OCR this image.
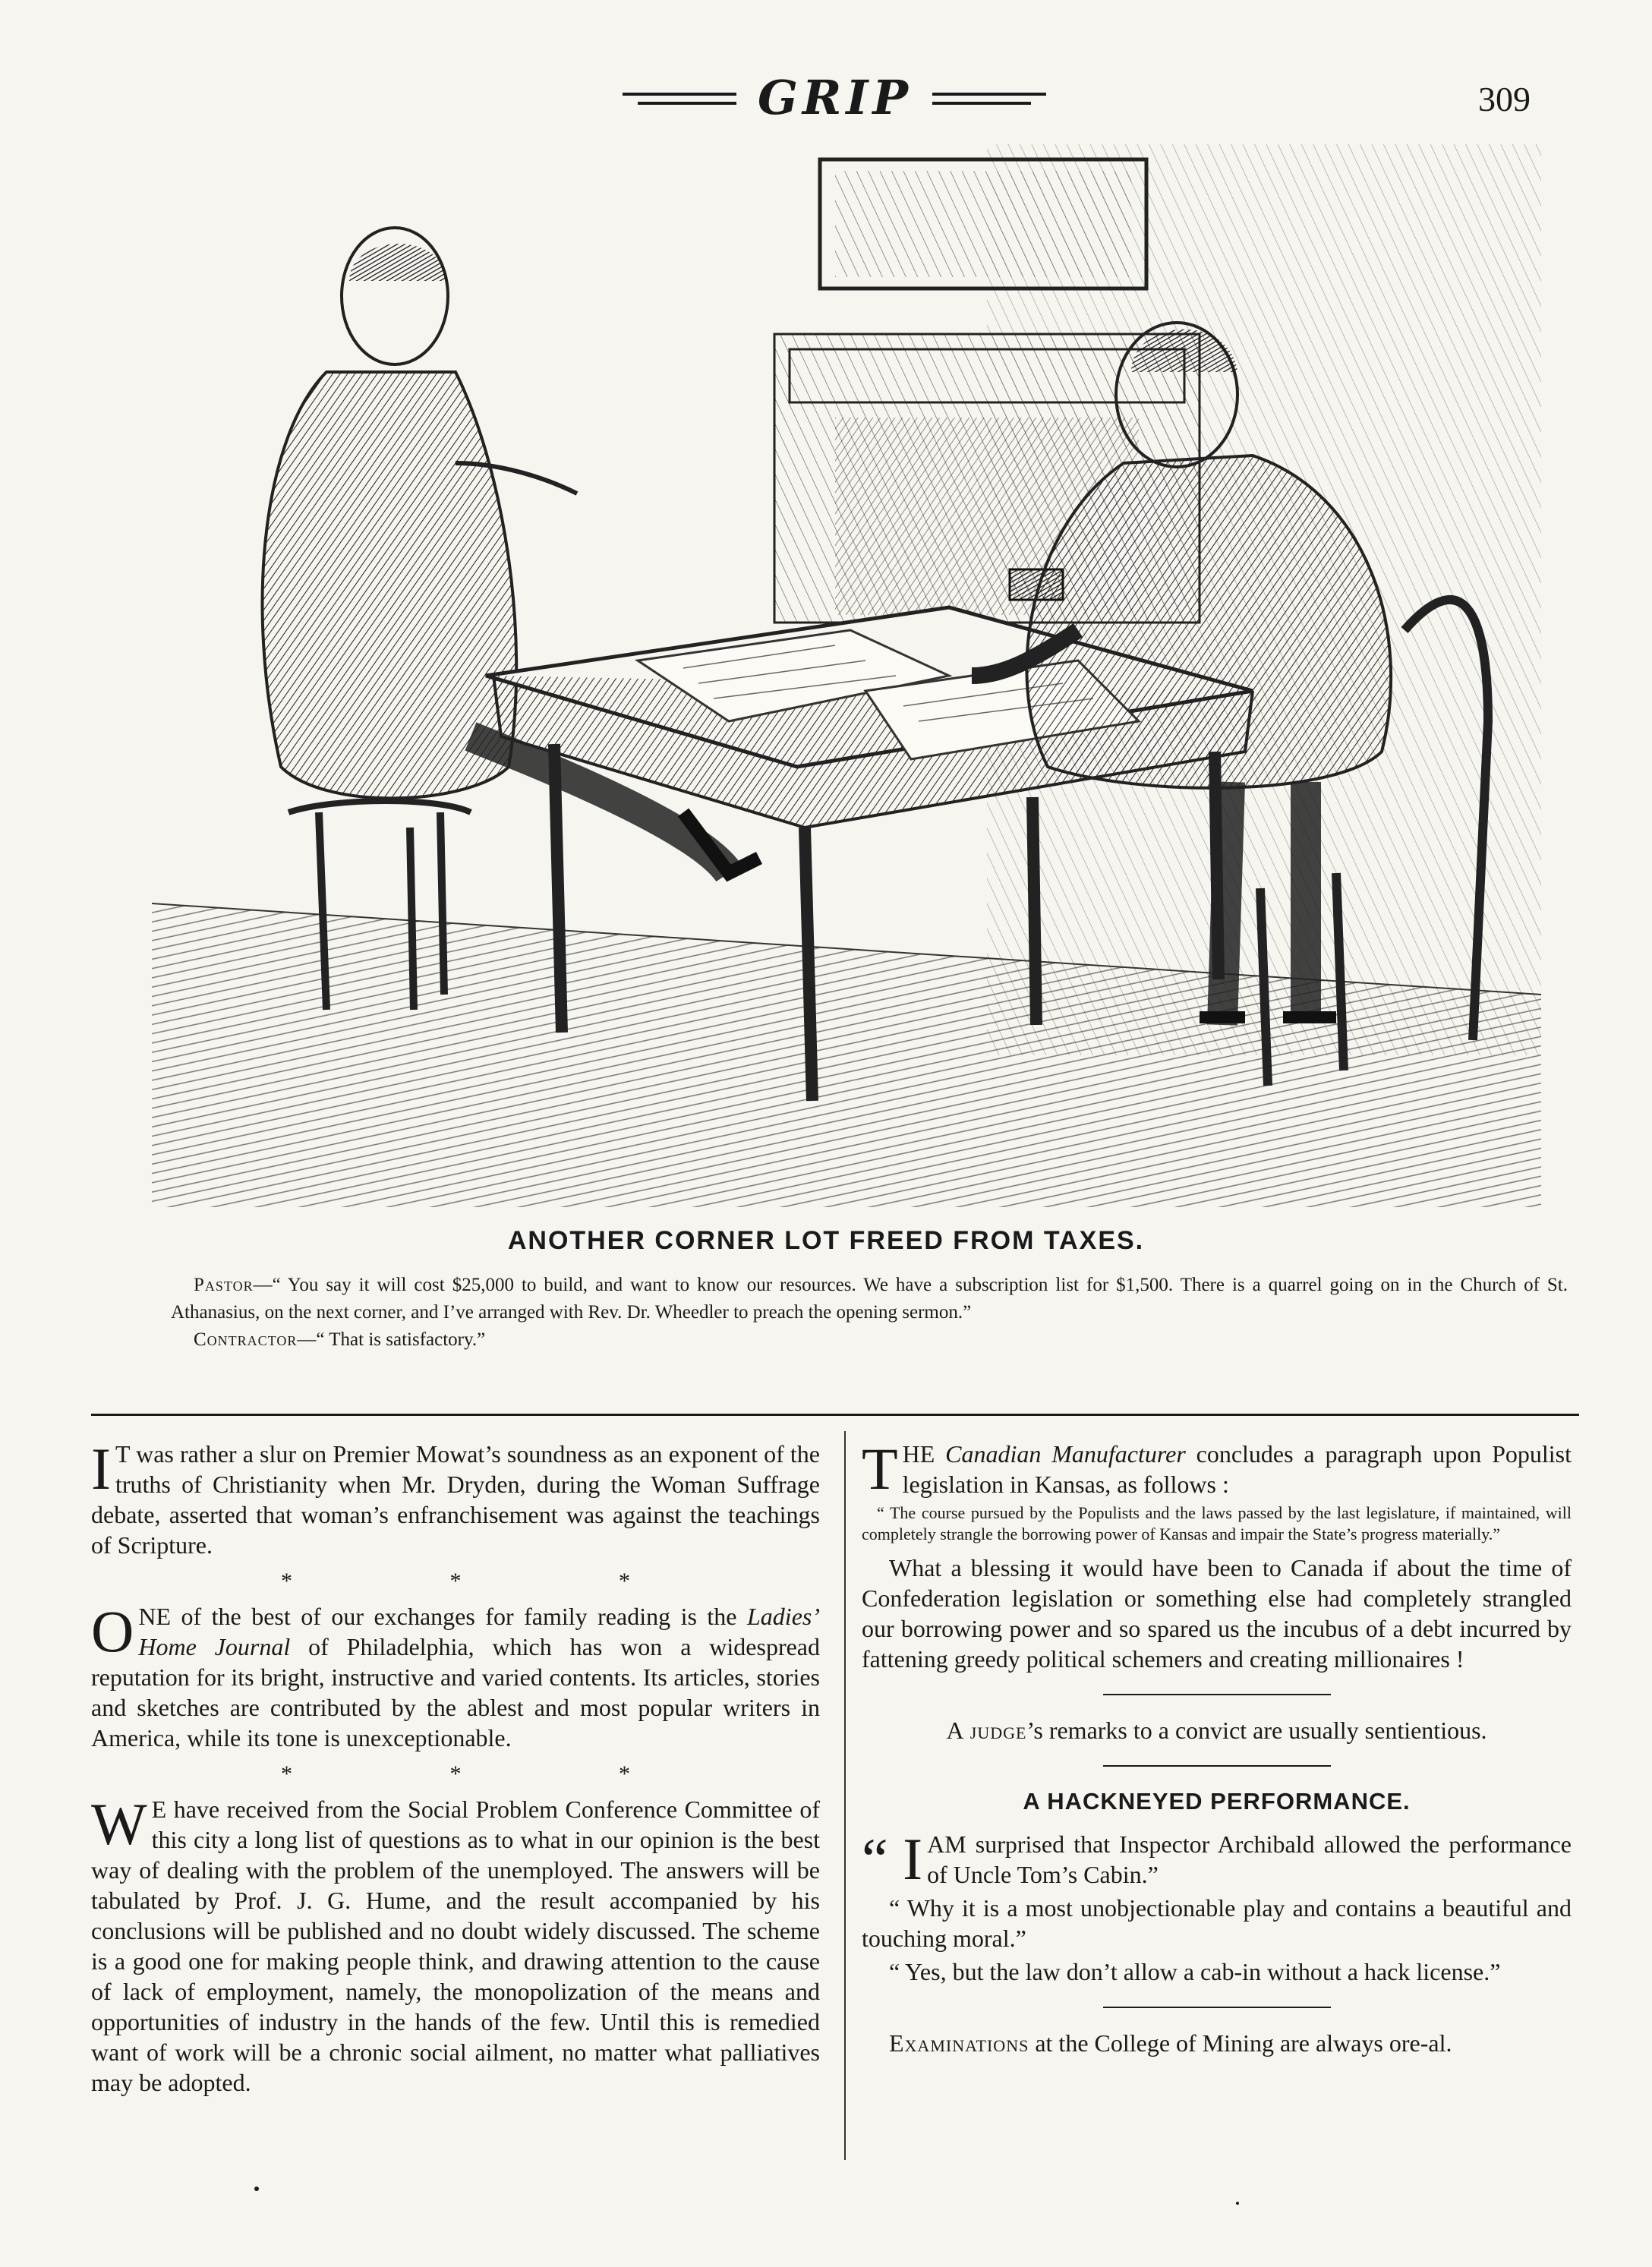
GRIP	309
ANOTHER CORNER LOT FREED FROM TAXES.

Pastor—“ You say it will cost $25,000 to build, and want to know our resources. We have a subscription list for $1,500. There is a quarrel going on in the Church of St. Athanasius, on the next corner, and I’ve arranged with Rev. Dr. Wheedler to preach the opening sermon.”

Contractor—“ That is satisfactory.”

I T was rather a slur on Premier Mowat’s soundness as an exponent of the truths of Christianity when Mr. Dryden, during the Woman Suffrage debate, asserted that woman’s enfranchisement was against the teachings of Scripture.

* * *

ONE of the best of our exchanges for family reading is the Ladies’ Home Journal of Philadelphia, which has won a widespread reputation for its bright, instructive and varied contents. Its articles, stories and sketches are contributed by the ablest and most popular writers in America, while its tone is unexceptionable.

* * *

W E have received from the Social Problem Conference Committee of this city a long list of questions as to what in our opinion is the best way of dealing with the problem of the unemployed. The answers will be tabulated by Prof. J. G. Hume, and the result accompanied by his conclusions will be published and no doubt widely discussed. The scheme is a good one for making people think, and drawing attention to the cause of lack of employment, namely, the monopolization of the means and opportunities of industry in the hands of the few. Until this is remedied want of work will be a chronic social ailment, no matter what palliatives may be adopted.

THE Canadian Manufacturer concludes a paragraph upon Populist legislation in Kansas, as follows :

“ The course pursued by the Populists and the laws passed by the last legislature, if maintained, will completely strangle the borrowing power of Kansas and impair the State’s progress materially.”

What a blessing it would have been to Canada if about the time of Confederation legislation or something else had completely strangled our borrowing power and so spared us the incubus of a debt incurred by fattening greedy political schemers and creating millionaires !

A judge’s remarks to a convict are usually sentientious.

A HACKNEYED PERFORMANCE.

“ I AM surprised that Inspector Archibald allowed the performance of Uncle Tom’s Cabin.”

“ Why it is a most unobjectionable play and contains a beautiful and touching moral.”

“ Yes, but the law don’t allow a cab-in without a hack license.”

Examinations at the College of Mining are always ore-al.
